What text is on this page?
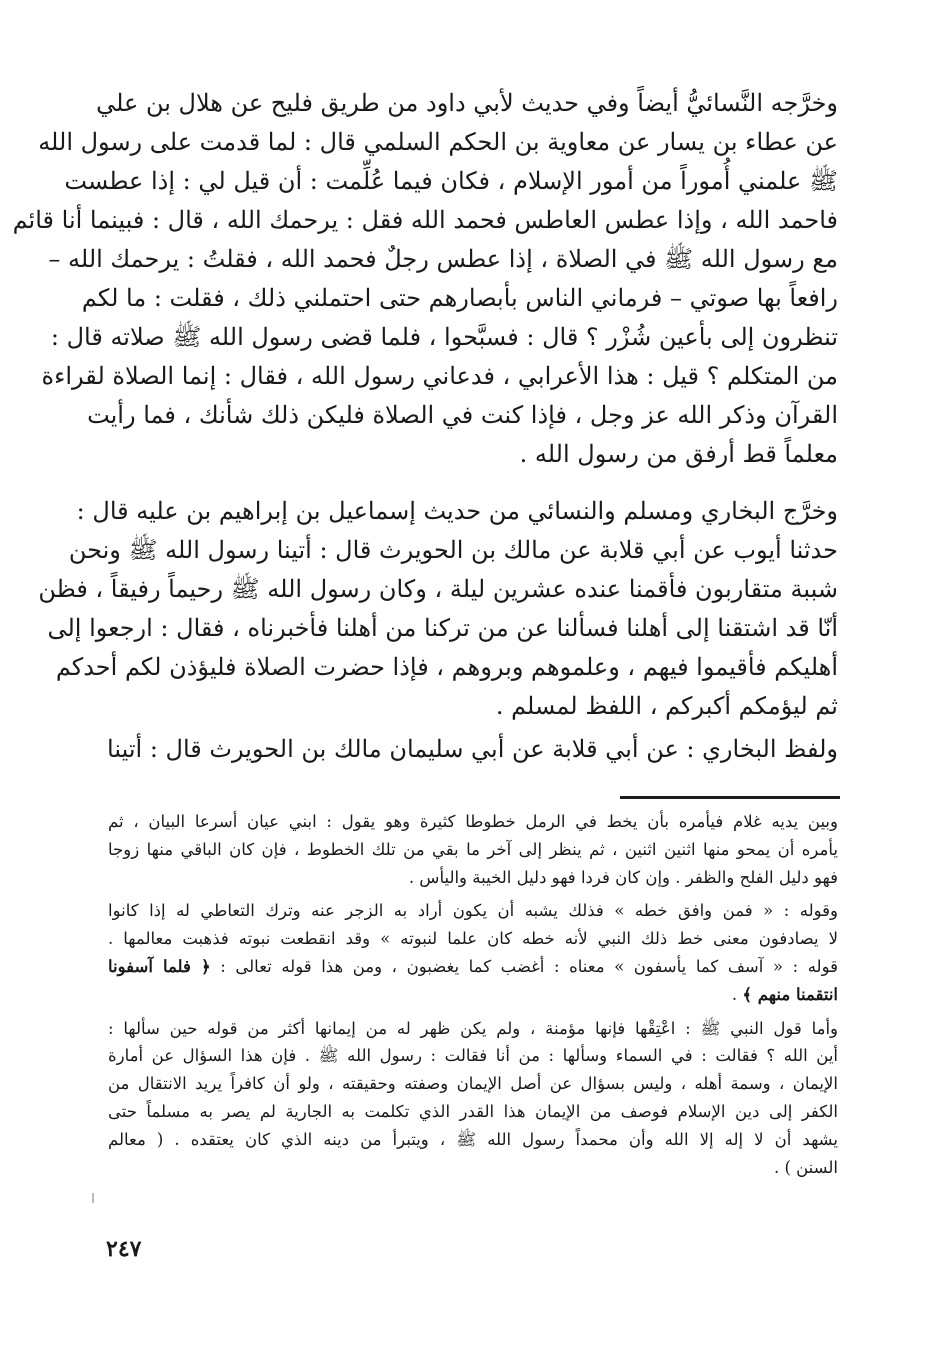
وخرَّجه النَّسائيُّ أيضاً وفي حديث لأبي داود من طريق فليح عن هلال بن علي
عن عطاء بن يسار عن معاوية بن الحكم السلمي قال : لما قدمت على رسول الله
ﷺ علمني أُموراً من أمور الإسلام ، فكان فيما عُلِّمت : أن قيل لي : إذا عطست
فاحمد الله ، وإذا عطس العاطس فحمد الله فقل : يرحمك الله ، قال : فبينما أنا قائم
مع رسول الله ﷺ في الصلاة ، إذا عطس رجلٌ فحمد الله ، فقلتُ : يرحمك الله –
رافعاً بها صوتي – فرماني الناس بأبصارهم حتى احتملني ذلك ، فقلت : ما لكم
تنظرون إلى بأعين شُزْر ؟ قال : فسبَّحوا ، فلما قضى رسول الله ﷺ صلاته قال :
من المتكلم ؟ قيل : هذا الأعرابي ، فدعاني رسول الله ، فقال : إنما الصلاة لقراءة
القرآن وذكر الله عز وجل ، فإذا كنت في الصلاة فليكن ذلك شأنك ، فما رأيت
معلماً قط أرفق من رسول الله .
وخرَّج البخاري ومسلم والنسائي من حديث إسماعيل بن إبراهيم بن عليه قال :
حدثنا أيوب عن أبي قلابة عن مالك بن الحويرث قال : أتينا رسول الله ﷺ ونحن
شببة متقاربون فأقمنا عنده عشرين ليلة ، وكان رسول الله ﷺ رحيماً رفيقاً ، فظن
أنّا قد اشتقنا إلى أهلنا فسألنا عن من تركنا من أهلنا فأخبرناه ، فقال : ارجعوا إلى
أهليكم فأقيموا فيهم ، وعلموهم وبروهم ، فإذا حضرت الصلاة فليؤذن لكم أحدكم
ثم ليؤمكم أكبركم ، اللفظ لمسلم .
ولفظ البخاري : عن أبي قلابة عن أبي سليمان مالك بن الحويرث قال : أتينا
وبين يديه غلام فيأمره بأن يخط في الرمل خطوطا كثيرة وهو يقول : ابني عيان أسرعا البيان ، ثم
يأمره أن يمحو منها اثنين اثنين ، ثم ينظر إلى آخر ما بقي من تلك الخطوط ، فإن كان الباقي منها زوجا
فهو دليل الفلح والظفر . وإن كان فردا فهو دليل الخيبة واليأس .
وقوله : « فمن وافق خطه » فذلك يشبه أن يكون أراد به الزجر عنه وترك التعاطي له إذا كانوا
لا يصادفون معنى خط ذلك النبي لأنه خطه كان علما لنبوته » وقد انقطعت نبوته فذهبت معالمها .
قوله : « آسف كما يأسفون » معناه : أغضب كما يغضبون ، ومن هذا قوله تعالى : ﴿ فلما آسفونا
انتقمنا منهم ﴾ .
وأما قول النبي ﷺ : اعْتِقْها فإنها مؤمنة ، ولم يكن ظهر له من إيمانها أكثر من قوله حين سألها :
أين الله ؟ فقالت : في السماء وسألها : من أنا فقالت : رسول الله ﷺ . فإن هذا السؤال عن أمارة
الإيمان ، وسمة أهله ، وليس بسؤال عن أصل الإيمان وصفته وحقيقته ، ولو أن كافراً يريد الانتقال من
الكفر إلى دين الإسلام فوصف من الإيمان هذا القدر الذي تكلمت به الجارية لم يصر به مسلماً حتى
يشهد أن لا إله إلا الله وأن محمداً رسول الله ﷺ ، ويتبرأ من دينه الذي كان يعتقده . ( معالم
السنن ) .
٢٤٧
